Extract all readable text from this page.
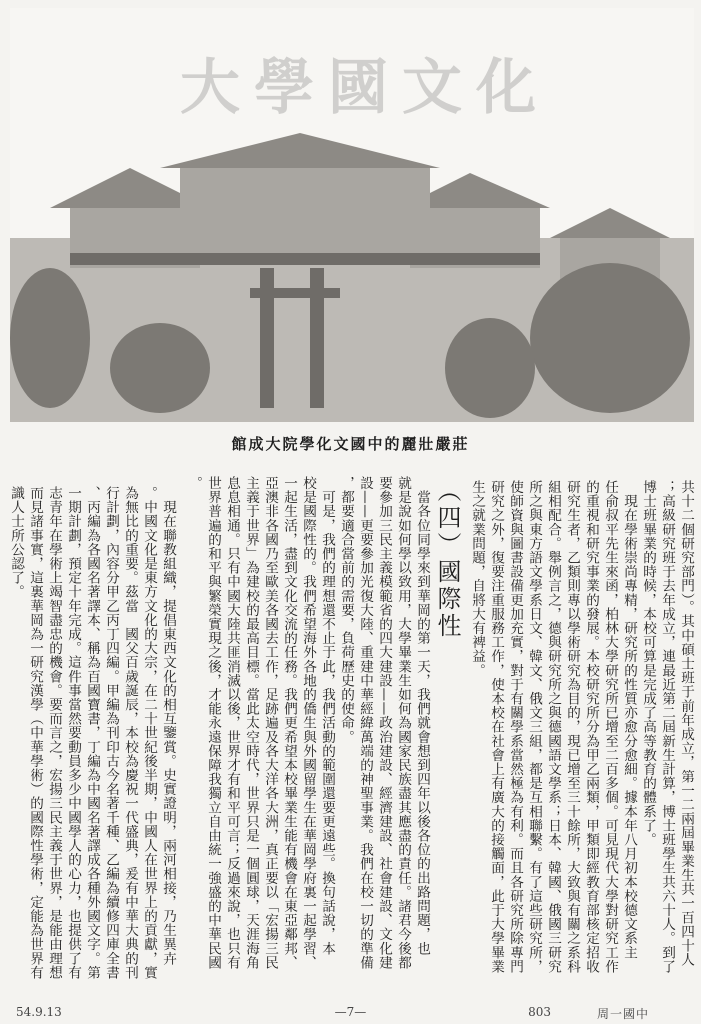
館成大院學化文國中的麗壯嚴莊
共十二個研究部門）。其中碩士班于前年成立，第一二兩屆畢業生共一百四十人
；高級研究班于去年成立，連最近第二屆新生計算，博士班學生共六十人。到了
博士班畢業的時候，本校可算是完成了高等教育的體系了。
　現在學術崇尚專精，研究所的性質亦愈分愈細。據本年八月初本校德文系主
任俞叔平先生來函，柏林大學研究所已增至二百多個。可見現代大學對研究工作
的重視和研究事業的發展。本校研究所分為甲乙兩類，甲類即經教育部核定招收
研究生者，乙類則專以學術研究為目的，現已增至三十餘所，大致與有關之系科
組相配合。舉例言之，德與研究所之與德國語文學系；日本、韓國、俄國三研究
所之與東方語文學系日文、韓文、俄文三組，都是互相聯繫。有了這些研究所，
使師資與圖書設備更加充實，對于有關學系當然極為有利。而且各研究所除專門
研究之外，復要注重服務工作，使本校在社會上有廣大的接觸面，此于大學畢業
生之就業問題，自將大有裨益。
（四）國際性
　當各位同學來到華岡的第一天，我們就會想到四年以後各位的出路問題，也
就是說如何學以致用，大學畢業生如何為國家民族盡其應盡的責任。諸君今後都
要參加三民主義模範省的四大建設——政治建設、經濟建設、社會建設、文化建
設——更要參加光復大陸、重建中華經緯萬端的神聖事業。我們在校一切的準備
，都要適合當前的需要，負荷歷史的使命。
　可是，我們的理想還不止于此，我們活動的範圍還要更遠些。換句話說，本
校是國際性的。我們希望海外各地的僑生與外國留學生在華岡學府裏一起學習、
一起生活，盡到文化交流的任務。我們更希望本校畢業生能有機會在東亞鄰邦、
亞澳非各國乃至歐美各國去工作，足跡遍及各大洋各大洲，真正要以「宏揚三民
主義于世界」為建校的最高目標。當此太空時代，世界只是一個圓球，天涯海角
息息相通。只有中國大陸共匪消滅以後，世界才有和平可言；反過來說，也只有
世界普遍的和平與繁榮實現之後，才能永遠保障我獨立自由統一強盛的中華民國
。
　現在聯教組織，提倡東西文化的相互鑒賞。史實證明，兩河相接，乃生異卉
。中國文化是東方文化的大宗，在二十世紀後半期，中國人在世界上的貢獻，實
為無比的重要。茲當　國父百歲誕辰，本校為慶祝一代盛典，爰有中華大典的刊
行計劃，內容分甲乙丙丁四編。甲編為刊印古今名著千種、乙編為續修四庫全書
、丙編為各國名著譯本、稱為百國寶書，丁編為中國名著譯成各種外國文字。第
一期計劃，預定十年完成。這件事當然要動員多少中國學人的心力，也提供了有
志青年在學術上竭智盡忠的機會。要而言之，宏揚三民主義于世界，是能由理想
而見諸事實，這裏華岡為一研究漢學（中華學術）的國際性學術，定能為世界有
識人士所公認了。
大學國文化
54.9.13	—7—	803	周一國中
